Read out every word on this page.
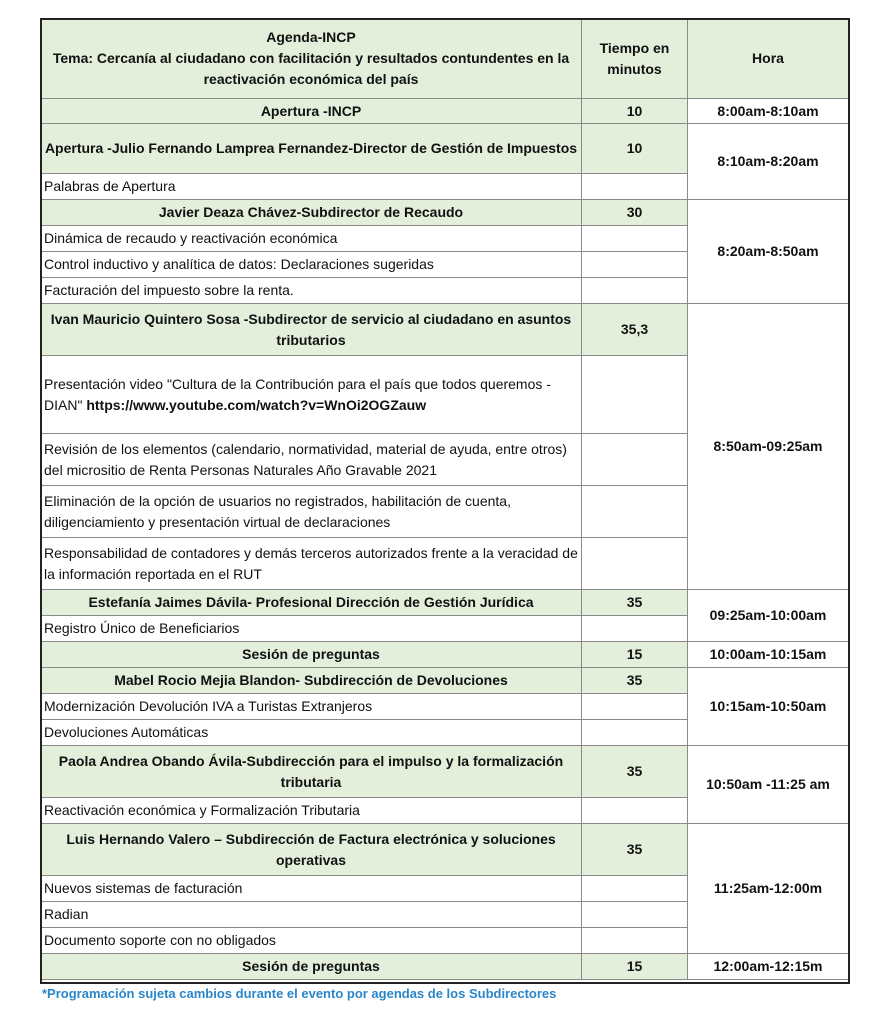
Agenda-INCP
Tema: Cercanía al ciudadano con facilitación y resultados contundentes en la reactivación económica del país	Tiempo en minutos	Hora
Apertura -INCP	10	8:00am-8:10am
Apertura -Julio Fernando Lamprea Fernandez-Director de Gestión de Impuestos	10	8:10am-8:20am
Palabras de Apertura		
Javier Deaza Chávez-Subdirector de Recaudo	30	8:20am-8:50am
Dinámica de recaudo y reactivación económica		
Control inductivo y analítica de datos: Declaraciones sugeridas		
Facturación del impuesto sobre la renta.		
Ivan Mauricio Quintero Sosa -Subdirector de servicio al ciudadano en asuntos tributarios	35,3	8:50am-09:25am
Presentación video "Cultura de la Contribución para el país que todos queremos - DIAN" https://www.youtube.com/watch?v=WnOi2OGZauw		
Revisión de los elementos (calendario, normatividad, material de ayuda, entre otros) del micrositio de Renta Personas Naturales Año Gravable 2021		
Eliminación de la opción de usuarios no registrados, habilitación de cuenta, diligenciamiento y presentación virtual de declaraciones		
Responsabilidad de contadores y demás terceros autorizados frente a la veracidad de la información reportada en el RUT		
Estefanía Jaimes Dávila- Profesional Dirección de Gestión Jurídica	35	09:25am-10:00am
Registro Único de Beneficiarios		
Sesión de preguntas	15	10:00am-10:15am
Mabel Rocio Mejia Blandon- Subdirección de Devoluciones	35	10:15am-10:50am
Modernización Devolución IVA a Turistas Extranjeros		
Devoluciones Automáticas		
Paola Andrea Obando Ávila-Subdirección para el impulso y la formalización tributaria	35	10:50am -11:25 am
Reactivación económica y Formalización Tributaria		
Luis Hernando Valero – Subdirección de Factura electrónica y soluciones operativas	35	11:25am-12:00m
Nuevos sistemas de facturación		
Radian		
Documento soporte con no obligados		
Sesión de preguntas	15	12:00am-12:15m
*Programación sujeta cambios durante el evento por agendas de los Subdirectores
